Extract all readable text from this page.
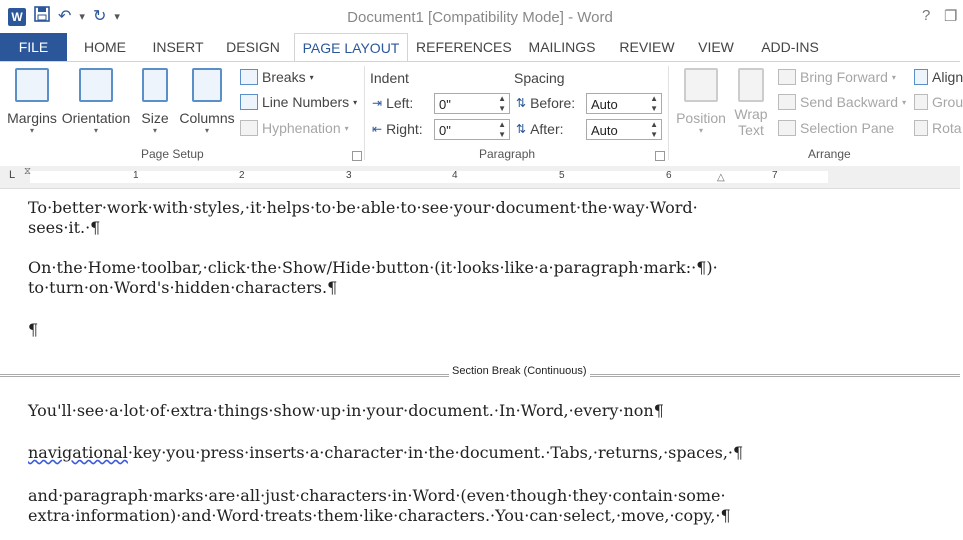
W ↶ ▾ ↻ ▾	Document1 [Compatibility Mode] - Word	? ❐
FILE	HOME	INSERT	DESIGN	PAGE LAYOUT	REFERENCES	MAILINGS	REVIEW	VIEW	ADD-INS
Margins
▾
Orientation
▾
Size
▾
Columns
▾
Breaks ▾
Line Numbers ▾
Hyphenation ▾
Page Setup
Indent	Spacing
⇥ Left:	0"	▲
▼
⇤ Right:	0"	▲
▼
⇅ Before:	Auto	▲
▼
⇅ After:	Auto	▲
▼
Paragraph
Position
▾
Wrap
Text
Bring Forward ▾
Send Backward ▾
Selection Pane
Align
Grou
Rota
Arrange
L ⧖
△
1	2	3	4	5	6	7
To·better·work·with·styles,·it·helps·to·be·able·to·see·your·document·the·way·Word·
sees·it.·¶
On·the·Home·toolbar,·click·the·Show/Hide·button·(it·looks·like·a·paragraph·mark:·¶)·
to·turn·on·Word's·hidden·characters.¶
¶
Section Break (Continuous)
You'll·see·a·lot·of·extra·things·show·up·in·your·document.·In·Word,·every·non¶
navigational·key·you·press·inserts·a·character·in·the·document.·Tabs,·returns,·spaces,·¶
and·paragraph·marks·are·all·just·characters·in·Word·(even·though·they·contain·some·
extra·information)·and·Word·treats·them·like·characters.·You·can·select,·move,·copy,·¶
